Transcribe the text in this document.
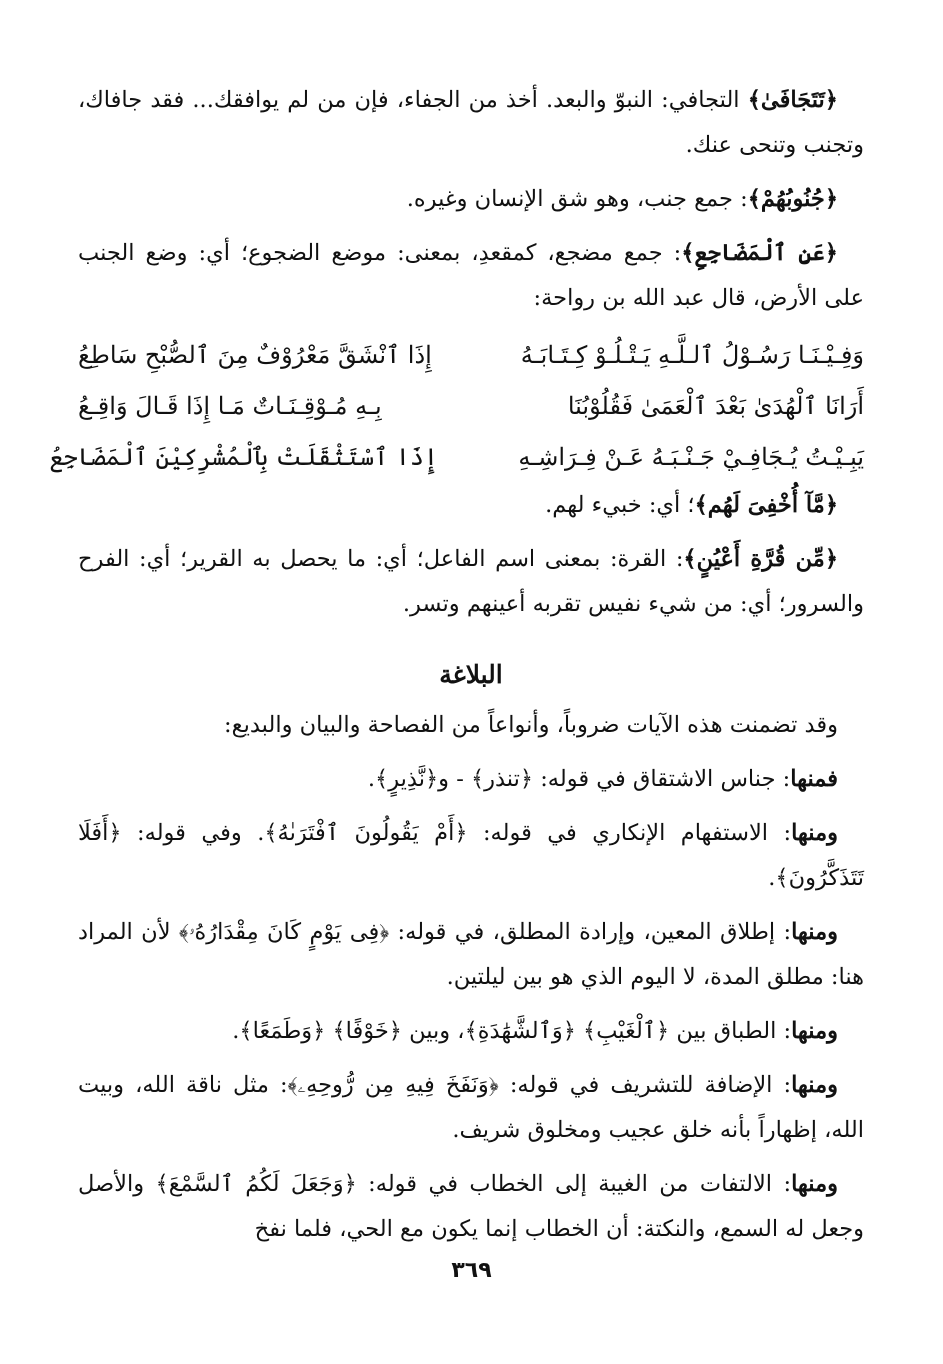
﴿تَتَجَافَىٰ﴾ التجافي: النبوّ والبعد. أخذ من الجفاء، فإن من لم يوافقك... فقد جافاك، وتجنب وتنحى عنك.

﴿جُنُوبُهُمْ﴾: جمع جنب، وهو شق الإنسان وغيره.

﴿عَنِ ٱلْمَضَاجِعِ﴾: جمع مضجع، كمقعدِ، بمعنى: موضع الضجوع؛ أي: وضع الجنب على الأرض، قال عبد الله بن رواحة:

وَفِـيْـنَـا رَسُـوْلُ ٱلـلَّـهِ يَـتْـلُـوْ كِـتَـابَـهُ
إِذَا ٱنْشَقَّ مَعْرُوْفٌ مِنَ ٱلصُّبْحِ سَاطِعُ
أَرَانَا ٱلْهُدَىٰ بَعْدَ ٱلْعَمَىٰ فَقُلُوْبُنَا
بِـهِ مُـوْقِـنَـاتٌ مَـا إِذَا قَـالَ وَاقِـعُ
يَبِـيْـتُ يُـجَافِـيْ جَـنْـبَـهُ عَـنْ فِـرَاشِـهِ
إِذَا ٱسْتَثْقَلَتْ بِٱلْمُشْرِكِيْنَ ٱلْمَضَاجِعُ

﴿مَّآ أُخْفِىَ لَهُم﴾؛ أي: خبيء لهم.

﴿مِّن قُرَّةِ أَعْيُنٍ﴾: القرة: بمعنى اسم الفاعل؛ أي: ما يحصل به القرير؛ أي: الفرح والسرور؛ أي: من شيء نفيس تقربه أعينهم وتسر.

البلاغة

وقد تضمنت هذه الآيات ضروباً، وأنواعاً من الفصاحة والبيان والبديع:

فمنها: جناس الاشتقاق في قوله: ﴿تنذر﴾ - و﴿نَّذِيرٍ﴾.

ومنها: الاستفهام الإنكاري في قوله: ﴿أَمْ يَقُولُونَ ٱفْتَرَىٰهُ﴾. وفي قوله: ﴿أَفَلَا تَتَذَكَّرُونَ﴾.

ومنها: إطلاق المعين، وإرادة المطلق، في قوله: ﴿فِى يَوْمٍ كَانَ مِقْدَارُهُۥ﴾ لأن المراد هنا: مطلق المدة، لا اليوم الذي هو بين ليلتين.

ومنها: الطباق بين ﴿ٱلْغَيْبِ﴾ ﴿وَٱلشَّهَٰدَةِ﴾، وبين ﴿خَوْفًا﴾ ﴿وَطَمَعًا﴾.

ومنها: الإضافة للتشريف في قوله: ﴿وَنَفَخَ فِيهِ مِن رُّوحِهِۦ﴾: مثل ناقة الله، وبيت الله، إظهاراً بأنه خلق عجيب ومخلوق شريف.

ومنها: الالتفات من الغيبة إلى الخطاب في قوله: ﴿وَجَعَلَ لَكُمُ ٱلسَّمْعَ﴾ والأصل وجعل له السمع، والنكتة: أن الخطاب إنما يكون مع الحي، فلما نفخ

٣٦٩
